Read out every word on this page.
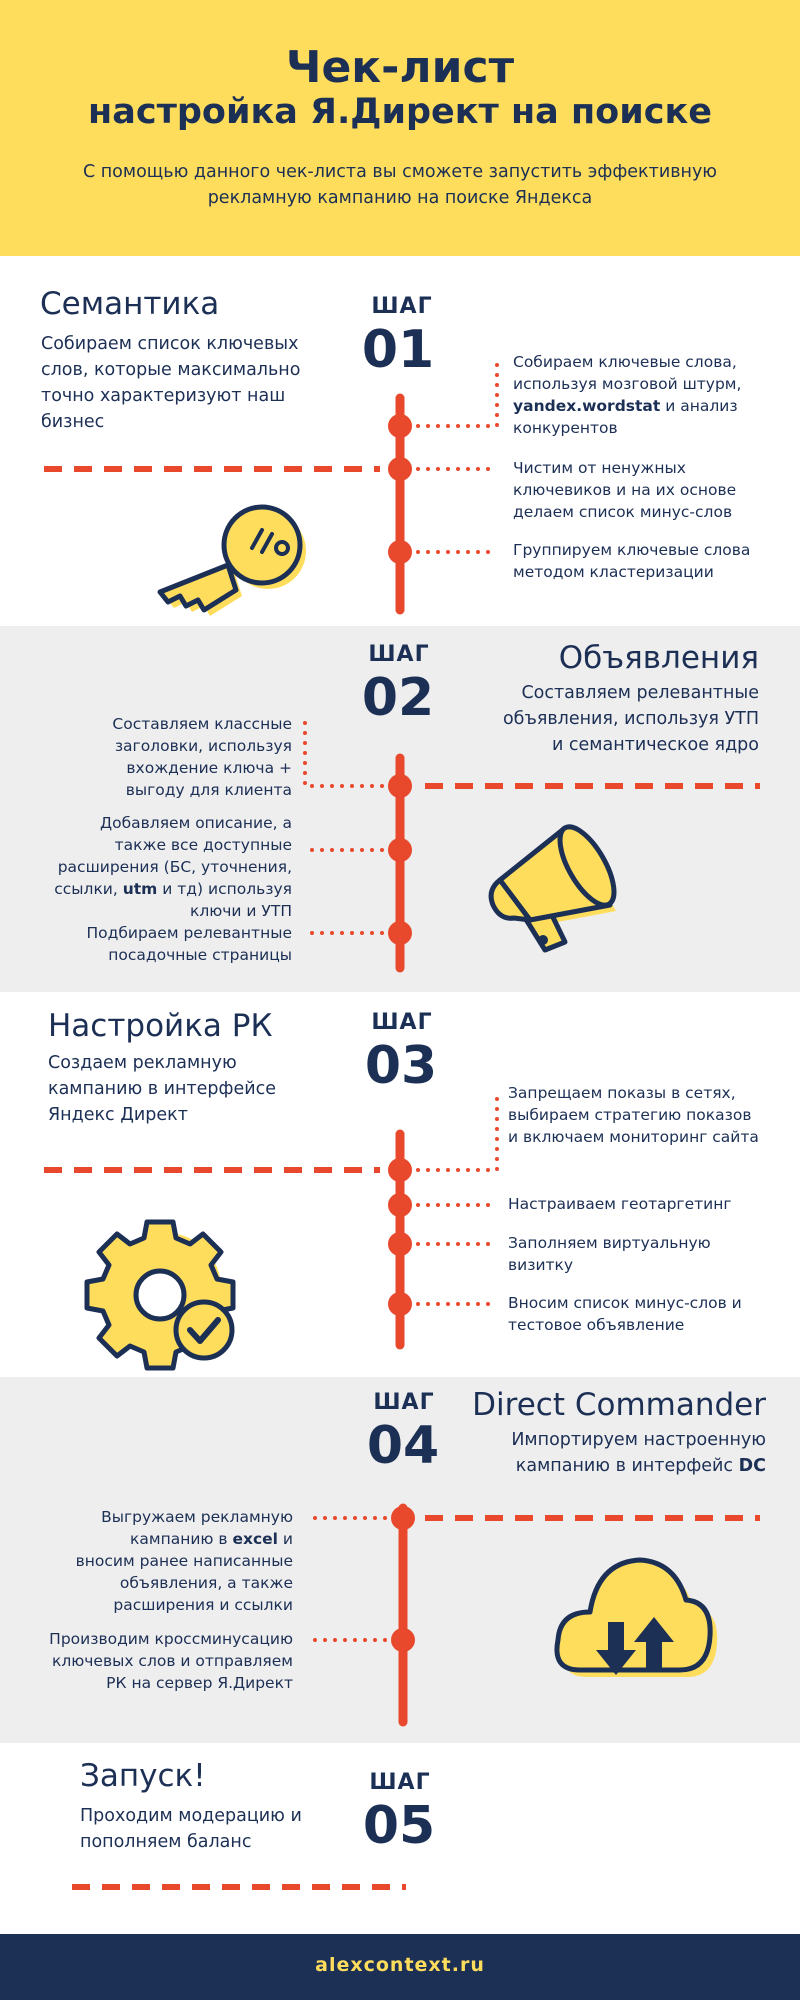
Чек-лист
настройка Я.Директ на поиске
С помощью данного чек-листа вы сможете запустить эффективную
рекламную кампанию на поиске Яндекса
Семантика
Собираем список ключевых слов, которые максимально точно характеризуют наш бизнес
ШАГ
01	Собираем ключевые слова, используя мозговой штурм, yandex.wordstat и анализ конкурентов
Чистим от ненужных ключевиков и на их основе делаем список минус-слов
Группируем ключевые слова методом кластеризации
ШАГ
02
Объявления
Составляем релевантные объявления, используя УТП и семантическое ядро
Составляем классные заголовки, используя вхождение ключа + выгоду для клиента
Добавляем описание, а также все доступные расширения (БС, уточнения, ссылки, utm и тд) используя ключи и УТП
Подбираем релевантные посадочные страницы
Настройка РК
Создаем рекламную кампанию в интерфейсе Яндекс Директ
ШАГ
03	Запрещаем показы в сетях, выбираем стратегию показов и включаем мониторинг сайта
Настраиваем геотаргетинг
Заполняем виртуальную визитку
Вносим список минус-слов и тестовое объявление
ШАГ
04
Direct Commander
Импортируем настроенную кампанию в интерфейс DC
Выгружаем рекламную кампанию в excel и вносим ранее написанные объявления, а также расширения и ссылки
Производим кроссминусацию ключевых слов и отправляем РК на сервер Я.Директ
Запуск!
Проходим модерацию и пополняем баланс
ШАГ
05
alexcontext.ru
